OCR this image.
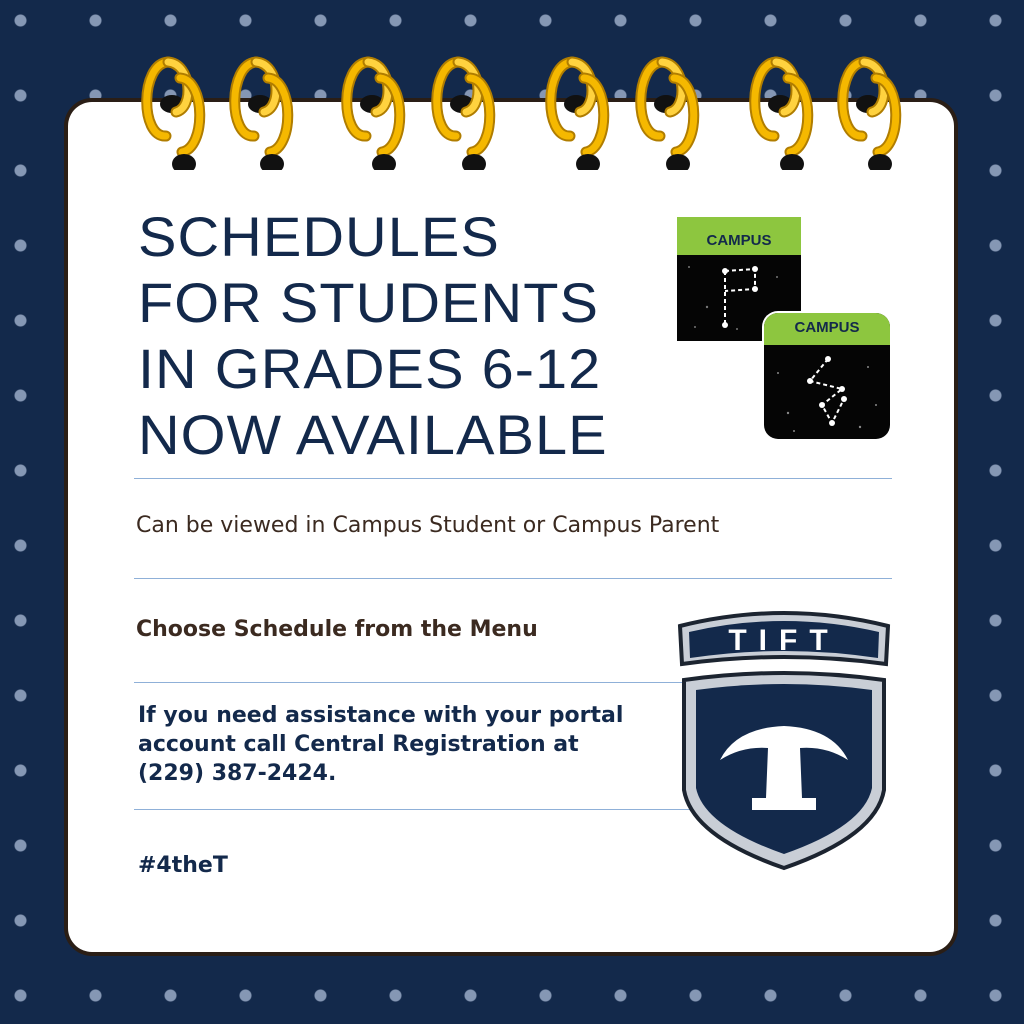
SCHEDULES
FOR STUDENTS
IN GRADES 6-12
NOW AVAILABLE
CAMPUS
CAMPUS

Can be viewed in Campus Student or Campus Parent

Choose Schedule from the Menu

If you need assistance with your portal
account call Central Registration at
(229) 387-2424.

#4theT

TIFT
